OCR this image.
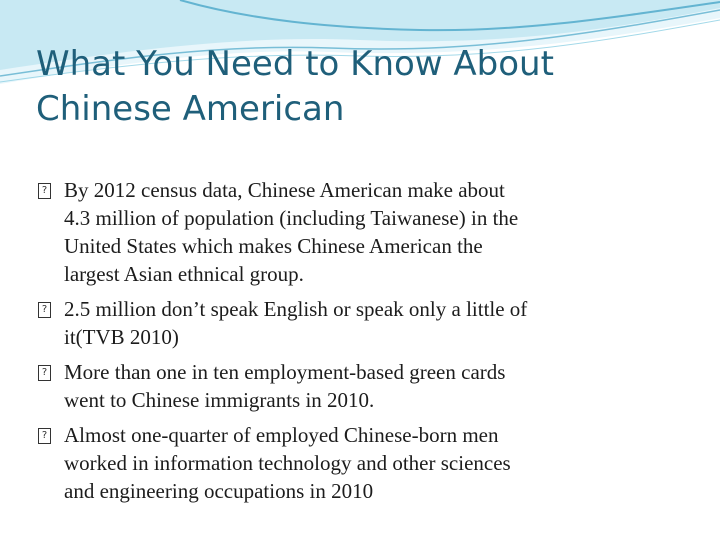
What You Need to Know About
Chinese American
? By 2012 census data, Chinese American make about
4.3 million of population (including Taiwanese) in the
United States which makes Chinese American the
largest Asian ethnical group.
? 2.5 million don’t speak English or speak only a little of
it(TVB 2010)
? More than one in ten employment-based green cards
went to Chinese immigrants in 2010.
? Almost one-quarter of employed Chinese-born men
worked in information technology and other sciences
and engineering occupations in 2010
